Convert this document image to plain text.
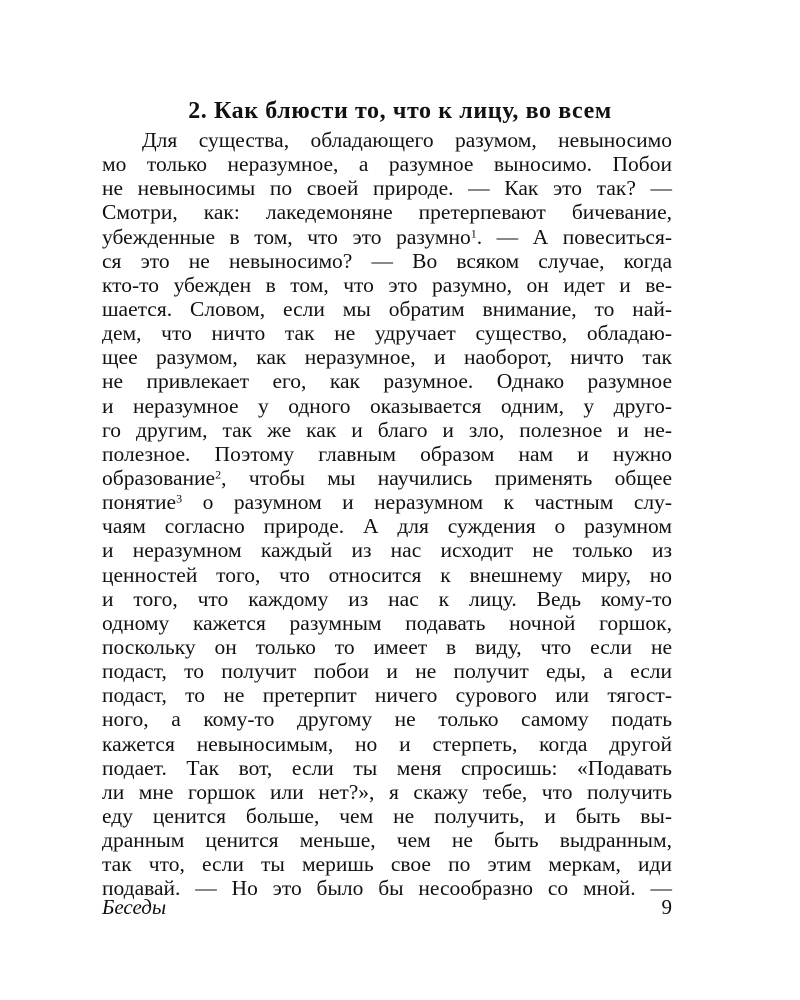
2. Как блюсти то, что к лицу, во всем
Для существа, обладающего разумом, невыносимо
мо только неразумное, а разумное выносимо. Побои
не невыносимы по своей природе. — Как это так? —
Смотри, как: лакедемоняне претерпевают бичевание,
убежденные в том, что это разумно$^1$. — А повеситься-
ся это не невыносимо? — Во всяком случае, когда
кто-то убежден в том, что это разумно, он идет и ве-
шается. Словом, если мы обратим внимание, то най-
дем, что ничто так не удручает существо, обладаю-
щее разумом, как неразумное, и наоборот, ничто так
не привлекает его, как разумное. Однако разумное
и неразумное у одного оказывается одним, у друго-
го другим, так же как и благо и зло, полезное и не-
полезное. Поэтому главным образом нам и нужно
образование$^2$, чтобы мы научились применять общее
понятие$^3$ о разумном и неразумном к частным слу-
чаям согласно природе. А для суждения о разумном
и неразумном каждый из нас исходит не только из
ценностей того, что относится к внешнему миру, но
и того, что каждому из нас к лицу. Ведь кому-то
одному кажется разумным подавать ночной горшок,
поскольку он только то имеет в виду, что если не
подаст, то получит побои и не получит еды, а если
подаст, то не претерпит ничего сурового или тягост-
ного, а кому-то другому не только самому подать
кажется невыносимым, но и стерпеть, когда другой
подает. Так вот, если ты меня спросишь: «Подавать
ли мне горшок или нет?», я скажу тебе, что получить
еду ценится больше, чем не получить, и быть вы-
дранным ценится меньше, чем не быть выдранным,
так что, если ты меришь свое по этим меркам, иди
подавай. — Но это было бы несообразно со мной. —
Беседы	9
